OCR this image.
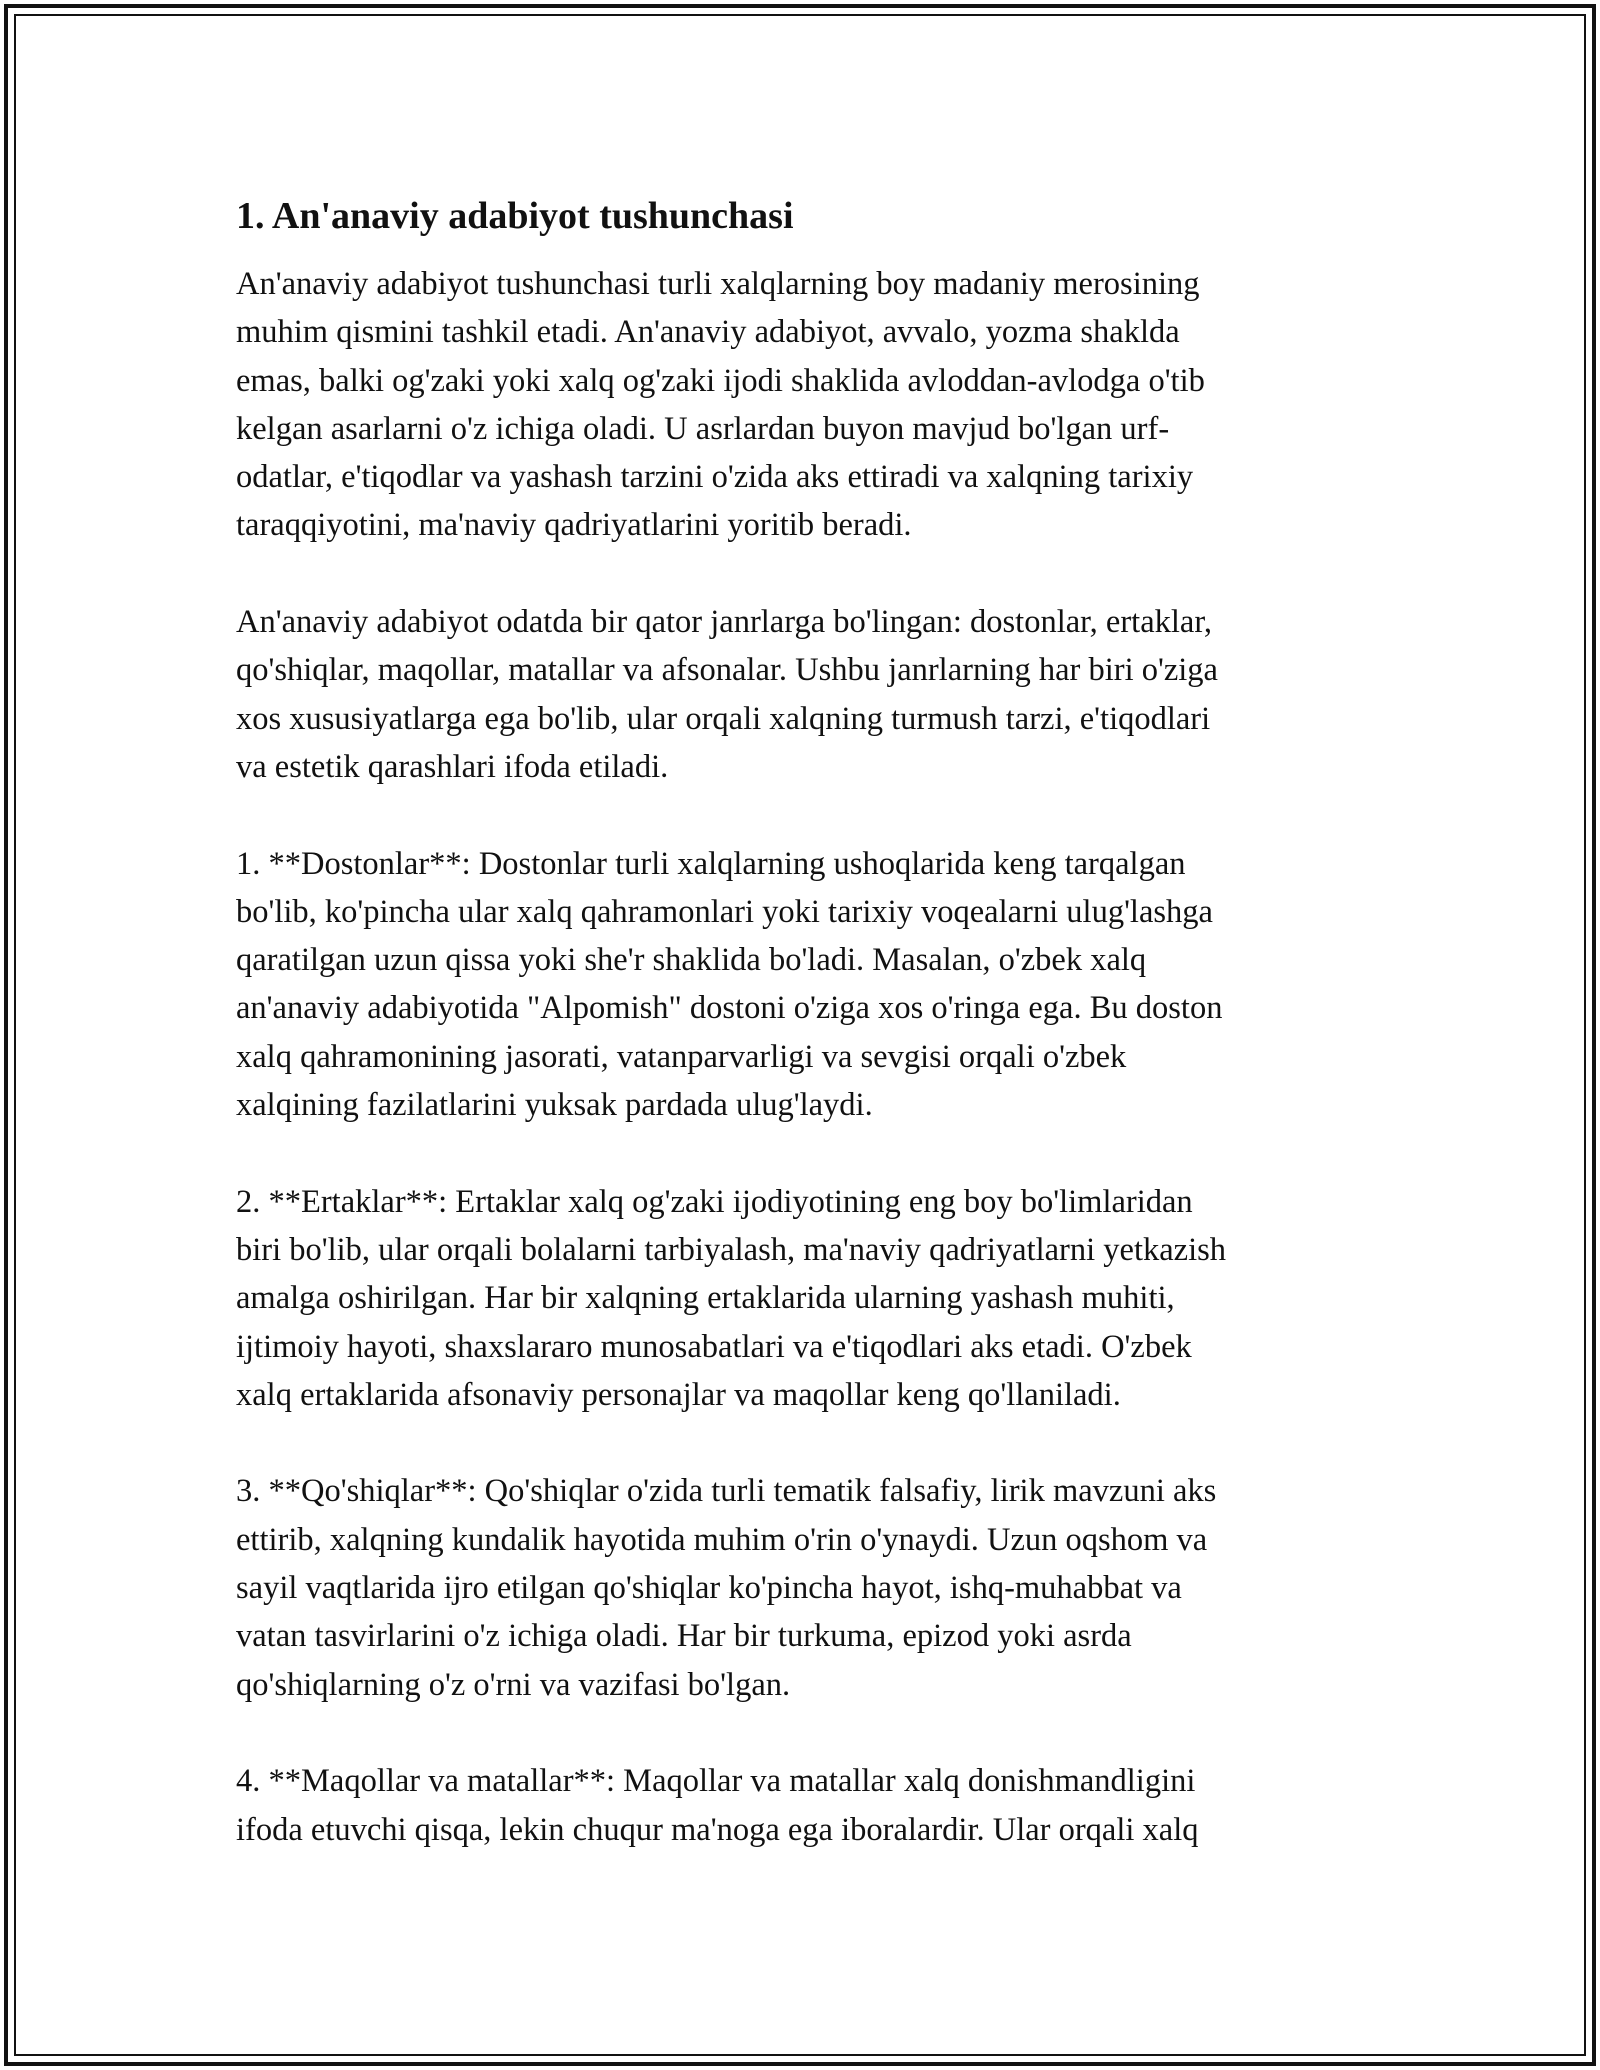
1. An'anaviy adabiyot tushunchasi
An'anaviy adabiyot tushunchasi turli xalqlarning boy madaniy merosining
muhim qismini tashkil etadi. An'anaviy adabiyot, avvalo, yozma shaklda
emas, balki og'zaki yoki xalq og'zaki ijodi shaklida avloddan-avlodga o'tib
kelgan asarlarni o'z ichiga oladi. U asrlardan buyon mavjud bo'lgan urf-
odatlar, e'tiqodlar va yashash tarzini o'zida aks ettiradi va xalqning tarixiy
taraqqiyotini, ma'naviy qadriyatlarini yoritib beradi.
An'anaviy adabiyot odatda bir qator janrlarga bo'lingan: dostonlar, ertaklar,
qo'shiqlar, maqollar, matallar va afsonalar. Ushbu janrlarning har biri o'ziga
xos xususiyatlarga ega bo'lib, ular orqali xalqning turmush tarzi, e'tiqodlari
va estetik qarashlari ifoda etiladi.
1. **Dostonlar**: Dostonlar turli xalqlarning ushoqlarida keng tarqalgan
bo'lib, ko'pincha ular xalq qahramonlari yoki tarixiy voqealarni ulug'lashga
qaratilgan uzun qissa yoki she'r shaklida bo'ladi. Masalan, o'zbek xalq
an'anaviy adabiyotida "Alpomish" dostoni o'ziga xos o'ringa ega. Bu doston
xalq qahramonining jasorati, vatanparvarligi va sevgisi orqali o'zbek
xalqining fazilatlarini yuksak pardada ulug'laydi.
2. **Ertaklar**: Ertaklar xalq og'zaki ijodiyotining eng boy bo'limlaridan
biri bo'lib, ular orqali bolalarni tarbiyalash, ma'naviy qadriyatlarni yetkazish
amalga oshirilgan. Har bir xalqning ertaklarida ularning yashash muhiti,
ijtimoiy hayoti, shaxslararo munosabatlari va e'tiqodlari aks etadi. O'zbek
xalq ertaklarida afsonaviy personajlar va maqollar keng qo'llaniladi.
3. **Qo'shiqlar**: Qo'shiqlar o'zida turli tematik falsafiy, lirik mavzuni aks
ettirib, xalqning kundalik hayotida muhim o'rin o'ynaydi. Uzun oqshom va
sayil vaqtlarida ijro etilgan qo'shiqlar ko'pincha hayot, ishq-muhabbat va
vatan tasvirlarini o'z ichiga oladi. Har bir turkuma, epizod yoki asrda
qo'shiqlarning o'z o'rni va vazifasi bo'lgan.
4. **Maqollar va matallar**: Maqollar va matallar xalq donishmandligini
ifoda etuvchi qisqa, lekin chuqur ma'noga ega iboralardir. Ular orqali xalq
